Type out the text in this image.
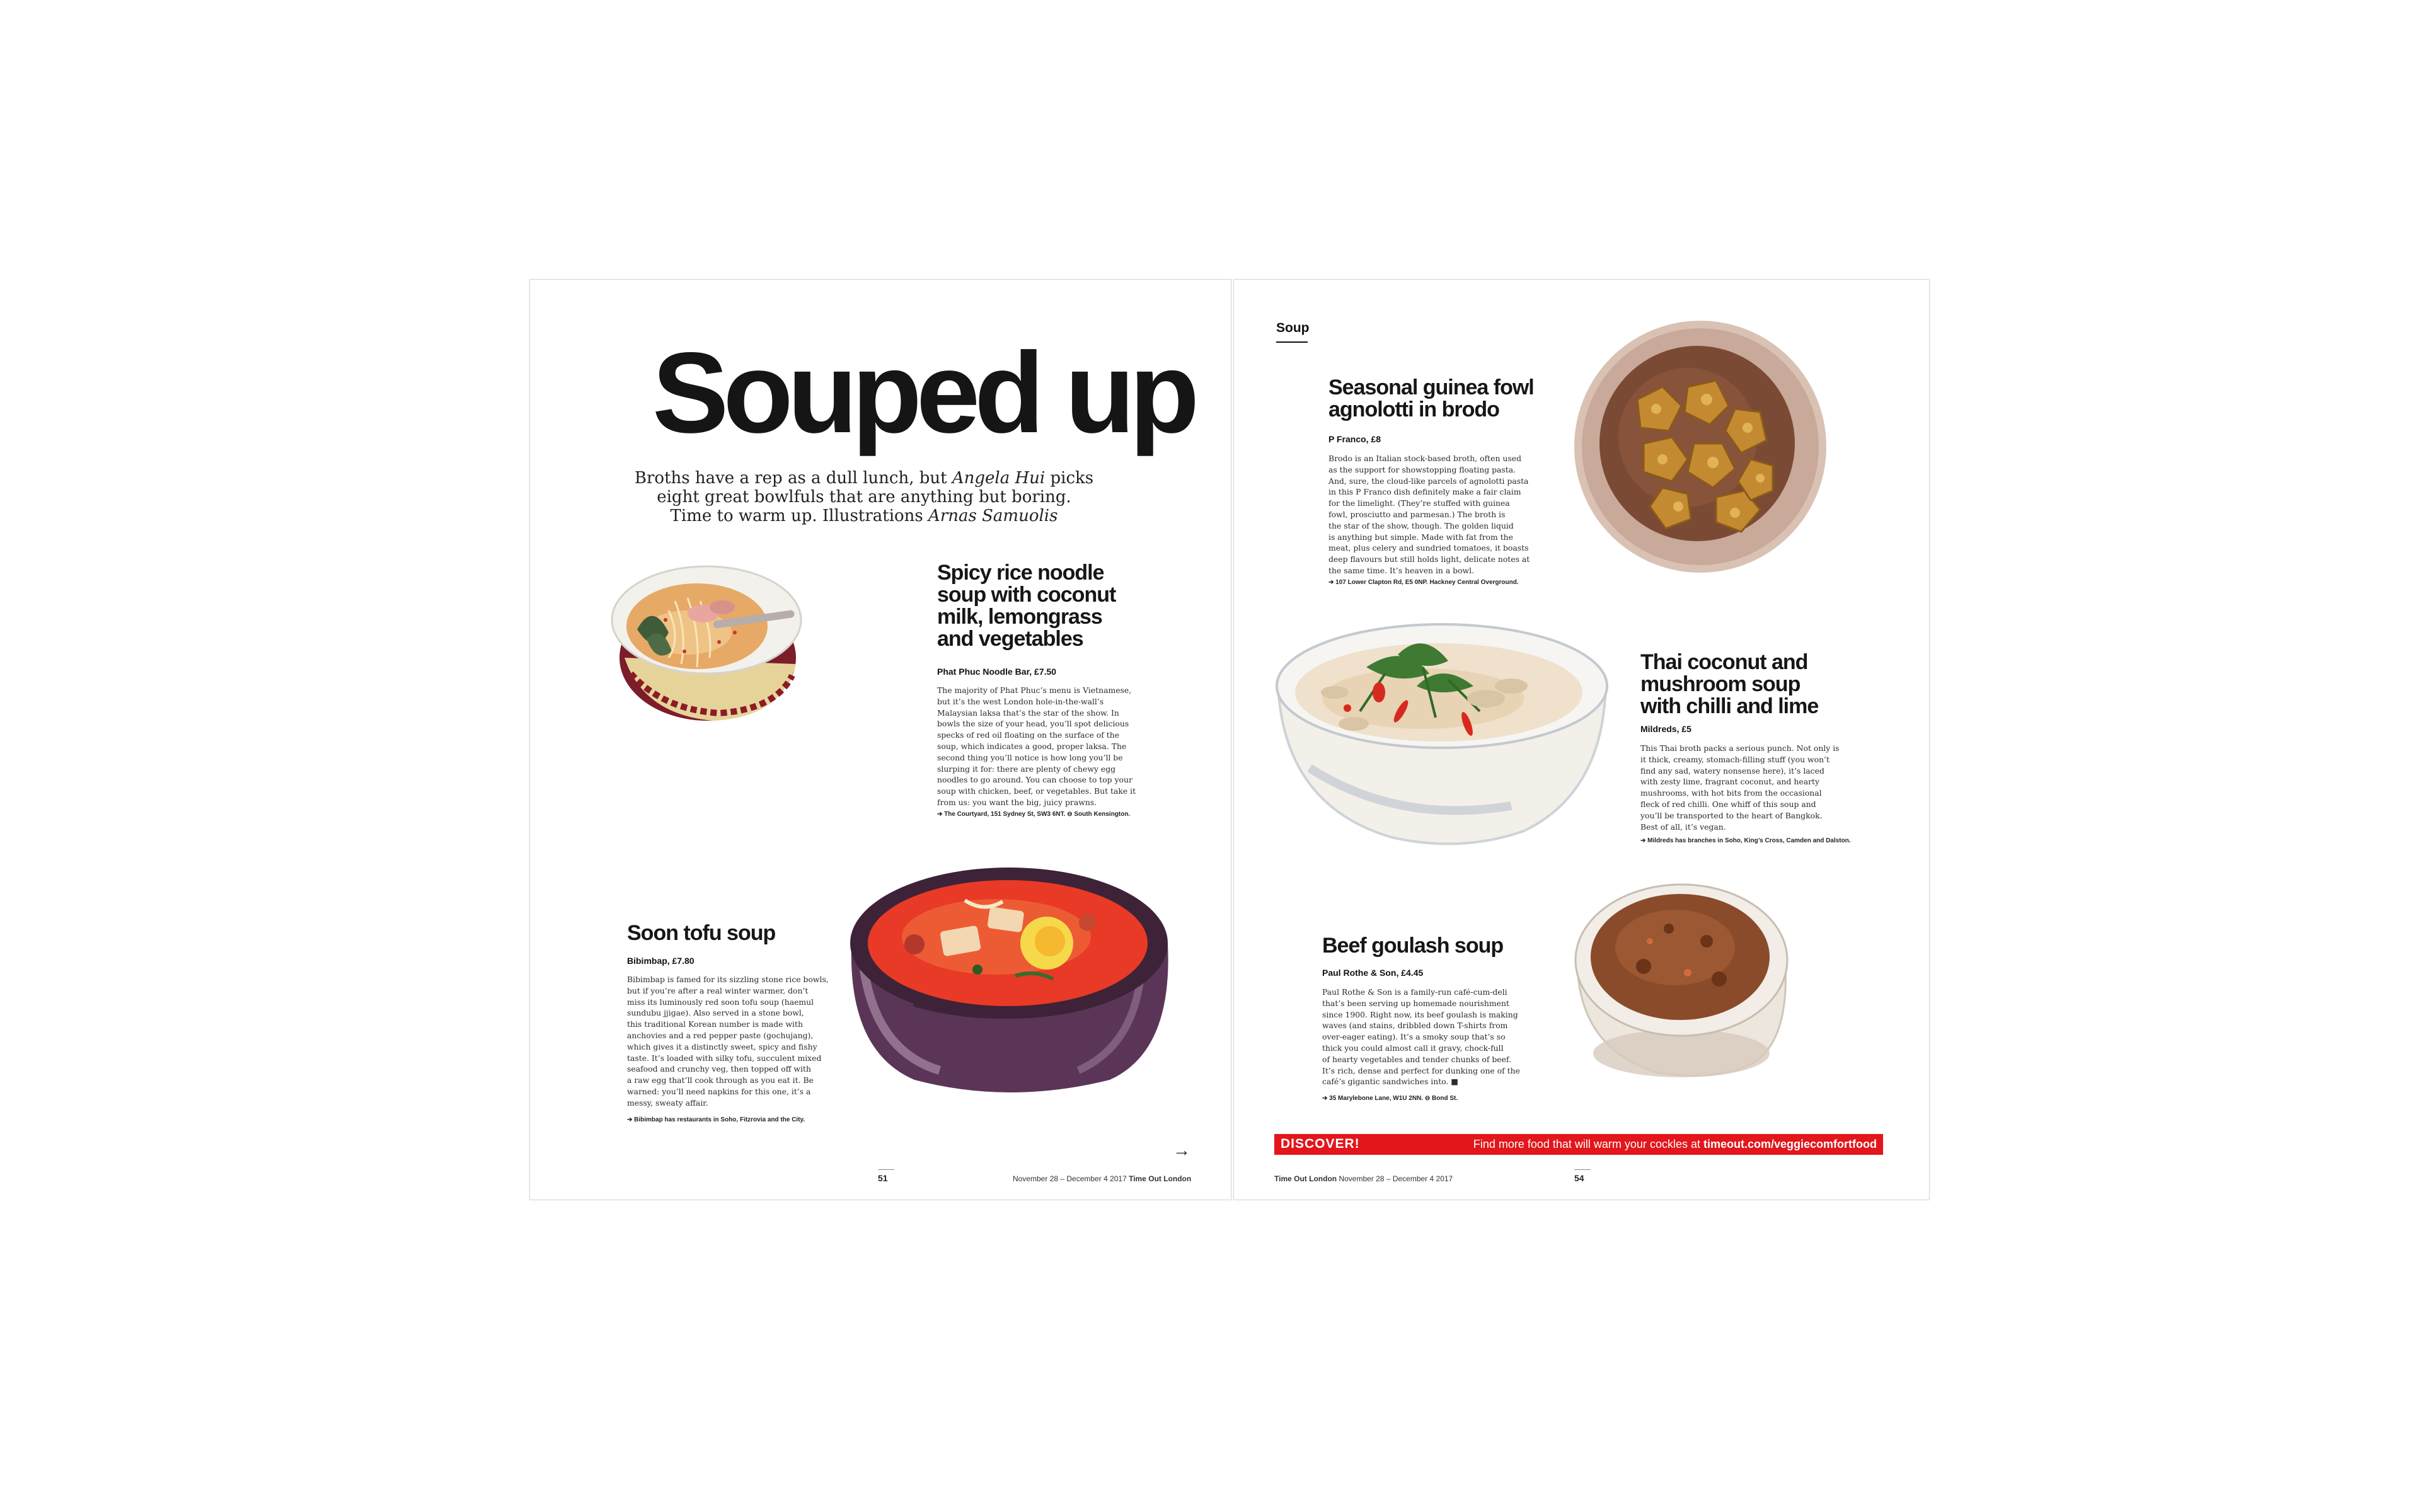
Souped up
Broths have a rep as a dull lunch, but Angela Hui picks
eight great bowlfuls that are anything but boring.
Time to warm up. Illustrations Arnas Samuolis
Spicy rice noodle
soup with coconut
milk, lemongrass
and vegetables
Phat Phuc Noodle Bar, £7.50
The majority of Phat Phuc’s menu is Vietnamese,
but it’s the west London hole-in-the-wall’s
Malaysian laksa that’s the star of the show. In
bowls the size of your head, you’ll spot delicious
specks of red oil floating on the surface of the
soup, which indicates a good, proper laksa. The
second thing you’ll notice is how long you’ll be
slurping it for: there are plenty of chewy egg
noodles to go around. You can choose to top your
soup with chicken, beef, or vegetables. But take it
from us: you want the big, juicy prawns.
➔ The Courtyard, 151 Sydney St, SW3 6NT. ⊖ South Kensington.
Soon tofu soup
Bibimbap, £7.80
Bibimbap is famed for its sizzling stone rice bowls,
but if you’re after a real winter warmer, don’t
miss its luminously red soon tofu soup (haemul
sundubu jjigae). Also served in a stone bowl,
this traditional Korean number is made with
anchovies and a red pepper paste (gochujang),
which gives it a distinctly sweet, spicy and fishy
taste. It’s loaded with silky tofu, succulent mixed
seafood and crunchy veg, then topped off with
a raw egg that’ll cook through as you eat it. Be
warned: you’ll need napkins for this one, it’s a
messy, sweaty affair.
➔ Bibimbap has restaurants in Soho, Fitzrovia and the City.
→
51	November 28 – December 4 2017 Time Out London
Soup
Seasonal guinea fowl
agnolotti in brodo
P Franco, £8
Brodo is an Italian stock-based broth, often used
as the support for showstopping floating pasta.
And, sure, the cloud-like parcels of agnolotti pasta
in this P Franco dish definitely make a fair claim
for the limelight. (They’re stuffed with guinea
fowl, prosciutto and parmesan.) The broth is
the star of the show, though. The golden liquid
is anything but simple. Made with fat from the
meat, plus celery and sundried tomatoes, it boasts
deep flavours but still holds light, delicate notes at
the same time. It’s heaven in a bowl.
➔ 107 Lower Clapton Rd, E5 0NP. Hackney Central Overground.
Thai coconut and
mushroom soup
with chilli and lime
Mildreds, £5
This Thai broth packs a serious punch. Not only is
it thick, creamy, stomach-filling stuff (you won’t
find any sad, watery nonsense here), it’s laced
with zesty lime, fragrant coconut, and hearty
mushrooms, with hot bits from the occasional
fleck of red chilli. One whiff of this soup and
you’ll be transported to the heart of Bangkok.
Best of all, it’s vegan.
➔ Mildreds has branches in Soho, King’s Cross, Camden and Dalston.
Beef goulash soup
Paul Rothe & Son, £4.45
Paul Rothe & Son is a family-run café-cum-deli
that’s been serving up homemade nourishment
since 1900. Right now, its beef goulash is making
waves (and stains, dribbled down T-shirts from
over-eager eating). It’s a smoky soup that’s so
thick you could almost call it gravy, chock-full
of hearty vegetables and tender chunks of beef.
It’s rich, dense and perfect for dunking one of the
café’s gigantic sandwiches into. ■
➔ 35 Marylebone Lane, W1U 2NN. ⊖ Bond St.
DISCOVER!	Find more food that will warm your cockles at timeout.com/veggiecomfortfood
Time Out London November 28 – December 4 2017	54
